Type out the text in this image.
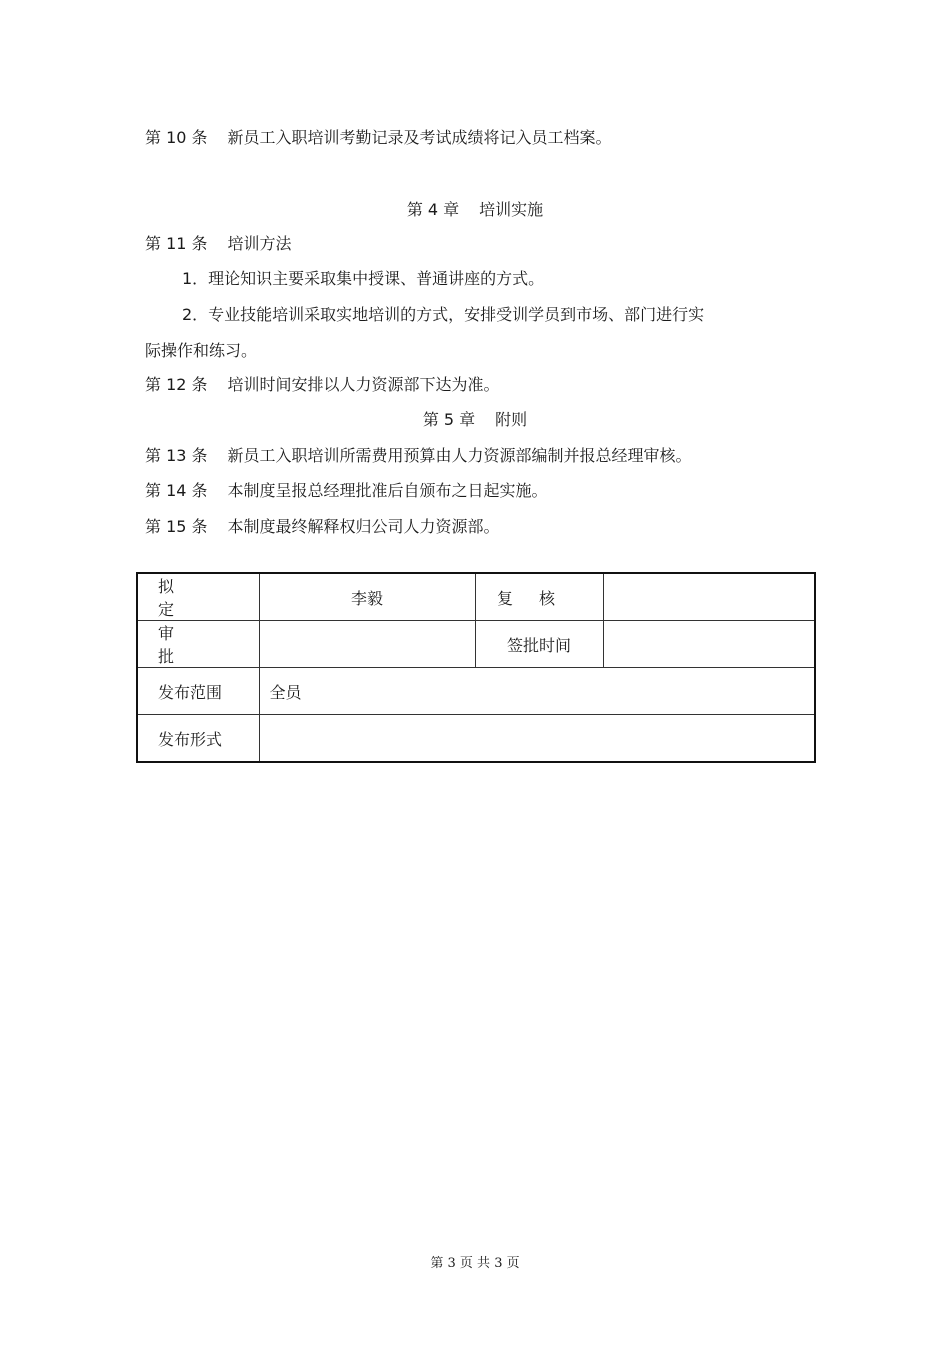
第 10 条 新员工入职培训考勤记录及考试成绩将记入员工档案。
第 4 章 培训实施
第 11 条 培训方法
1．理论知识主要采取集中授课、普通讲座的方式。
2．专业技能培训采取实地培训的方式，安排受训学员到市场、部门进行实
际操作和练习。
第 12 条 培训时间安排以人力资源部下达为准。
第 5 章 附则
第 13 条 新员工入职培训所需费用预算由人力资源部编制并报总经理审核。
第 14 条 本制度呈报总经理批准后自颁布之日起实施。
第 15 条 本制度最终解释权归公司人力资源部。
拟定	李毅	复核	
审批		签批时间	
发布范围	全员		
发布形式			
第 3 页 共 3 页
